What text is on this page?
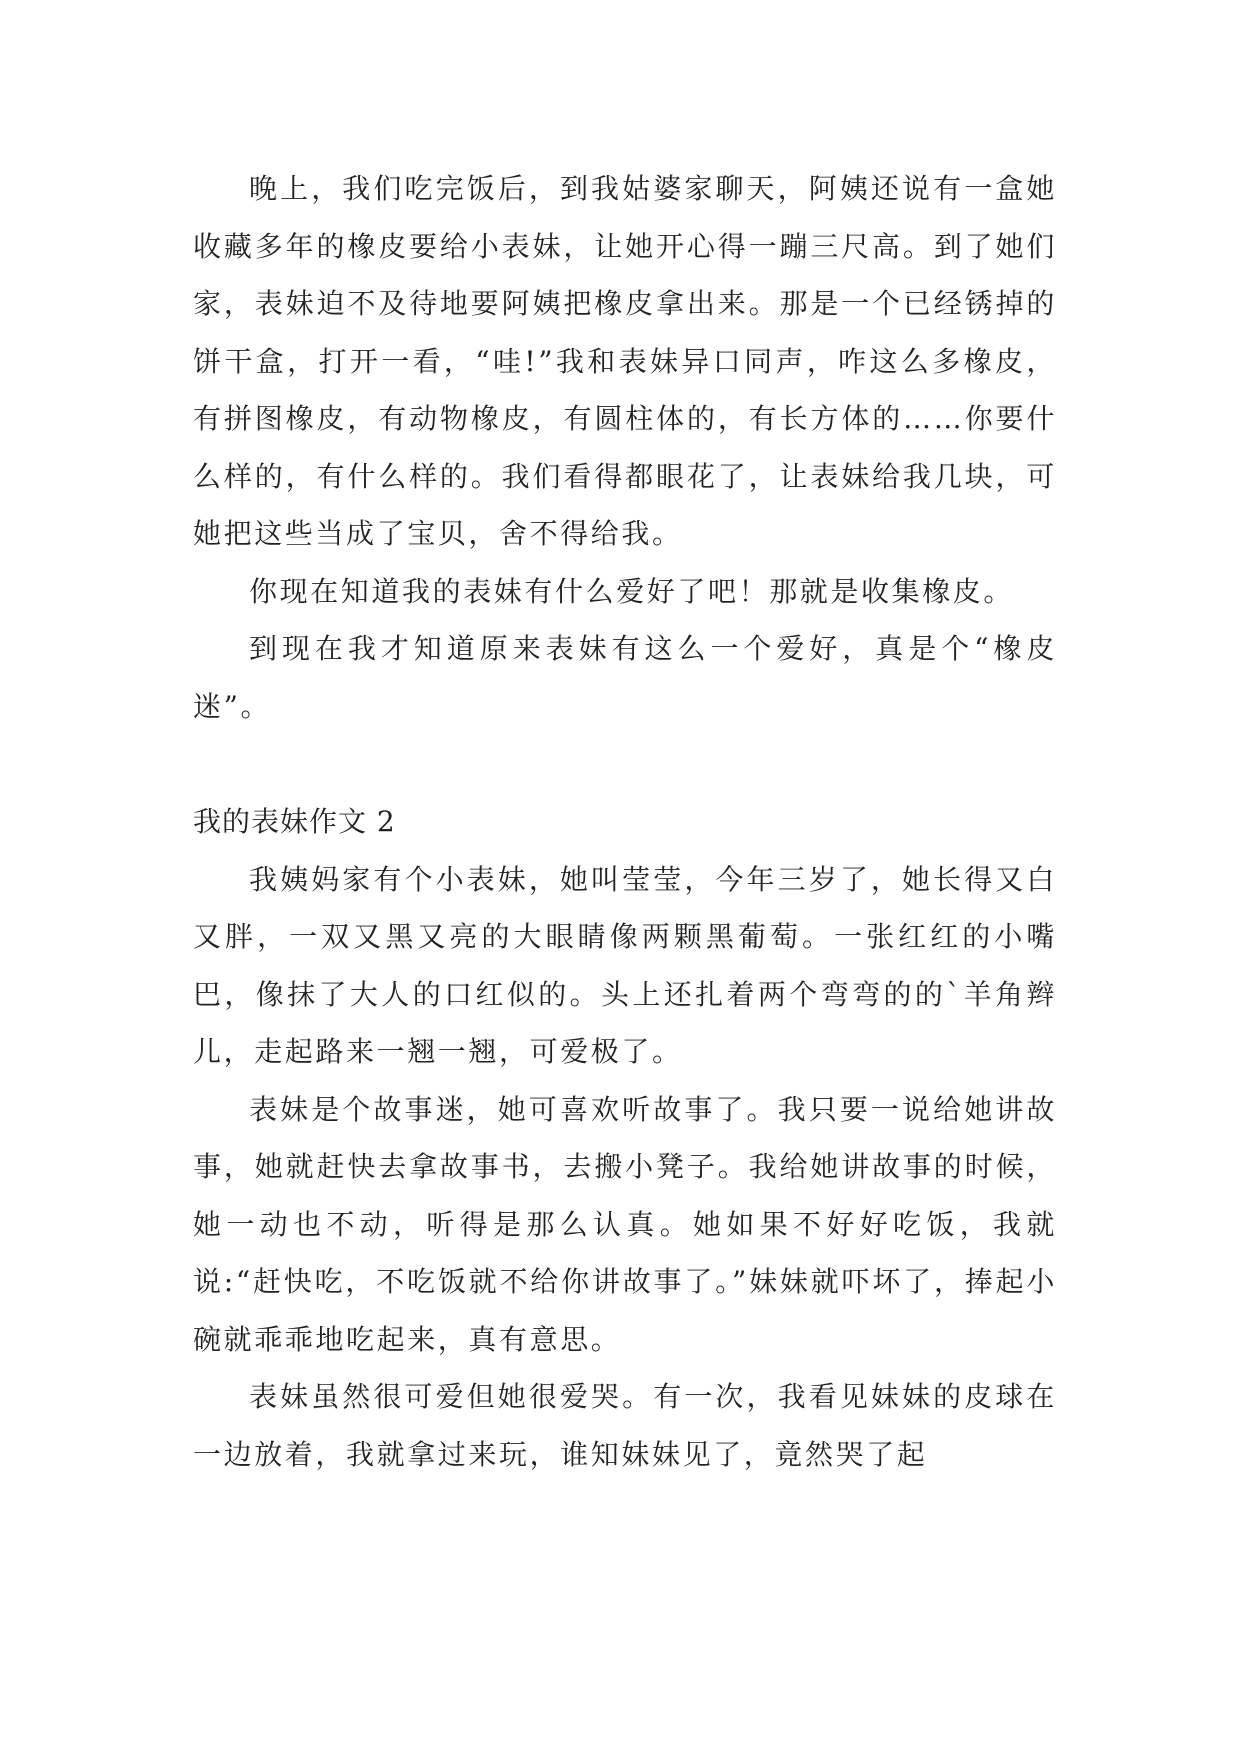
晚上，我们吃完饭后，到我姑婆家聊天，阿姨还说有一盒她收藏多年的橡皮要给小表妹，让她开心得一蹦三尺高。到了她们家，表妹迫不及待地要阿姨把橡皮拿出来。那是一个已经锈掉的饼干盒，打开一看，“哇!”我和表妹异口同声，咋这么多橡皮，有拼图橡皮，有动物橡皮，有圆柱体的，有长方体的……你要什么样的，有什么样的。我们看得都眼花了，让表妹给我几块，可她把这些当成了宝贝，舍不得给我。

你现在知道我的表妹有什么爱好了吧！那就是收集橡皮。

到现在我才知道原来表妹有这么一个爱好，真是个“橡皮迷”。

我的表妹作文 2

我姨妈家有个小表妹，她叫莹莹，今年三岁了，她长得又白又胖，一双又黑又亮的大眼睛像两颗黑葡萄。一张红红的小嘴巴，像抹了大人的口红似的。头上还扎着两个弯弯的的`羊角辫儿，走起路来一翘一翘，可爱极了。

表妹是个故事迷，她可喜欢听故事了。我只要一说给她讲故事，她就赶快去拿故事书，去搬小凳子。我给她讲故事的时候，她一动也不动，听得是那么认真。她如果不好好吃饭，我就说:“赶快吃，不吃饭就不给你讲故事了。”妹妹就吓坏了，捧起小碗就乖乖地吃起来，真有意思。

表妹虽然很可爱但她很爱哭。有一次，我看见妹妹的皮球在一边放着，我就拿过来玩，谁知妹妹见了，竟然哭了起
